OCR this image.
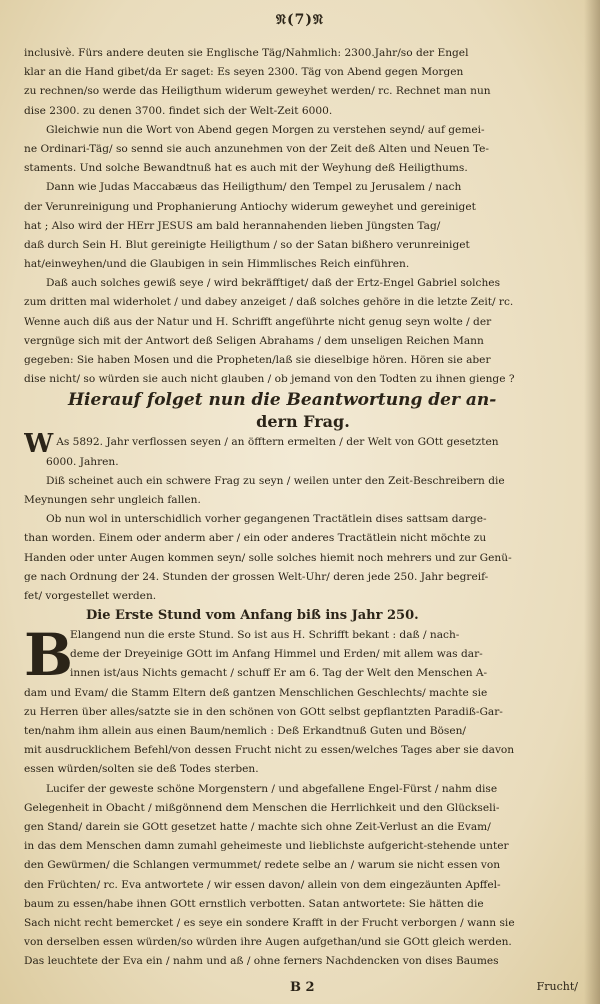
𝔑(7)𝔑
inclusivè. Fürs andere deuten sie Englische Täg/Nahmlich: 2300.Jahr/so der Engel
klar an die Hand gibet/da Er saget: Es seyen 2300. Täg von Abend gegen Morgen
zu rechnen/so werde das Heiligthum widerum geweyhet werden/ rc. Rechnet man nun
dise 2300. zu denen 3700. findet sich der Welt-Zeit 6000.
Gleichwie nun die Wort von Abend gegen Morgen zu verstehen seynd/ auf gemei-
ne Ordinari-Täg/ so sennd sie auch anzunehmen von der Zeit deß Alten und Neuen Te-
staments. Und solche Bewandtnuß hat es auch mit der Weyhung deß Heiligthums.
Dann wie Judas Maccabæus das Heiligthum/ den Tempel zu Jerusalem / nach
der Verunreinigung und Prophanierung Antiochy widerum geweyhet und gereiniget
hat ; Also wird der HErr JESUS am bald herannahenden lieben Jüngsten Tag/
daß durch Sein H. Blut gereinigte Heiligthum / so der Satan bißhero verunreiniget
hat/einweyhen/und die Glaubigen in sein Himmlisches Reich einführen.
Daß auch solches gewiß seye / wird bekräfftiget/ daß der Ertz-Engel Gabriel solches
zum dritten mal widerholet / und dabey anzeiget / daß solches gehöre in die letzte Zeit/ rc.
Wenne auch diß aus der Natur und H. Schrifft angeführte nicht genug seyn wolte / der
vergnüge sich mit der Antwort deß Seligen Abrahams / dem unseligen Reichen Mann
gegeben: Sie haben Mosen und die Propheten/laß sie dieselbige hören. Hören sie aber
dise nicht/ so würden sie auch nicht glauben / ob jemand von den Todten zu ihnen gienge ?
Hierauf folget nun die Beantwortung der an-
dern Frag.
W As 5892. Jahr verflossen seyen / an öfftern ermelten / der Welt von GOtt gesetzten
6000. Jahren.
Diß scheinet auch ein schwere Frag zu seyn / weilen unter den Zeit-Beschreibern die
Meynungen sehr ungleich fallen.
Ob nun wol in unterschidlich vorher gegangenen Tractätlein dises sattsam darge-
than worden. Einem oder anderm aber / ein oder anderes Tractätlein nicht möchte zu
Handen oder unter Augen kommen seyn/ solle solches hiemit noch mehrers und zur Genü-
ge nach Ordnung der 24. Stunden der grossen Welt-Uhr/ deren jede 250. Jahr begreif-
fet/ vorgestellet werden.
Die Erste Stund vom Anfang biß ins Jahr 250.
B
Elangend nun die erste Stund. So ist aus H. Schrifft bekant : daß / nach-
deme der Dreyeinige GOtt im Anfang Himmel und Erden/ mit allem was dar-
innen ist/aus Nichts gemacht / schuff Er am 6. Tag der Welt den Menschen A-
dam und Evam/ die Stamm Eltern deß gantzen Menschlichen Geschlechts/ machte sie
zu Herren über alles/satzte sie in den schönen von GOtt selbst gepflantzten Paradiß-Gar-
ten/nahm ihm allein aus einen Baum/nemlich : Deß Erkandtnuß Guten und Bösen/
mit ausdrucklichem Befehl/von dessen Frucht nicht zu essen/welches Tages aber sie davon
essen würden/solten sie deß Todes sterben.
Lucifer der geweste schöne Morgenstern / und abgefallene Engel-Fürst / nahm dise
Gelegenheit in Obacht / mißgönnend dem Menschen die Herrlichkeit und den Glückseli-
gen Stand/ darein sie GOtt gesetzet hatte / machte sich ohne Zeit-Verlust an die Evam/
in das dem Menschen damn zumahl geheimeste und lieblichste aufgericht-stehende unter
den Gewürmen/ die Schlangen vermummet/ redete selbe an / warum sie nicht essen von
den Früchten/ rc. Eva antwortete / wir essen davon/ allein von dem eingezäunten Apffel-
baum zu essen/habe ihnen GOtt ernstlich verbotten. Satan antwortete: Sie hätten die
Sach nicht recht bemercket / es seye ein sondere Krafft in der Frucht verborgen / wann sie
von derselben essen würden/so würden ihre Augen aufgethan/und sie GOtt gleich werden.
Das leuchtete der Eva ein / nahm und aß / ohne ferners Nachdencken von dises Baumes
B 2	Frucht/
